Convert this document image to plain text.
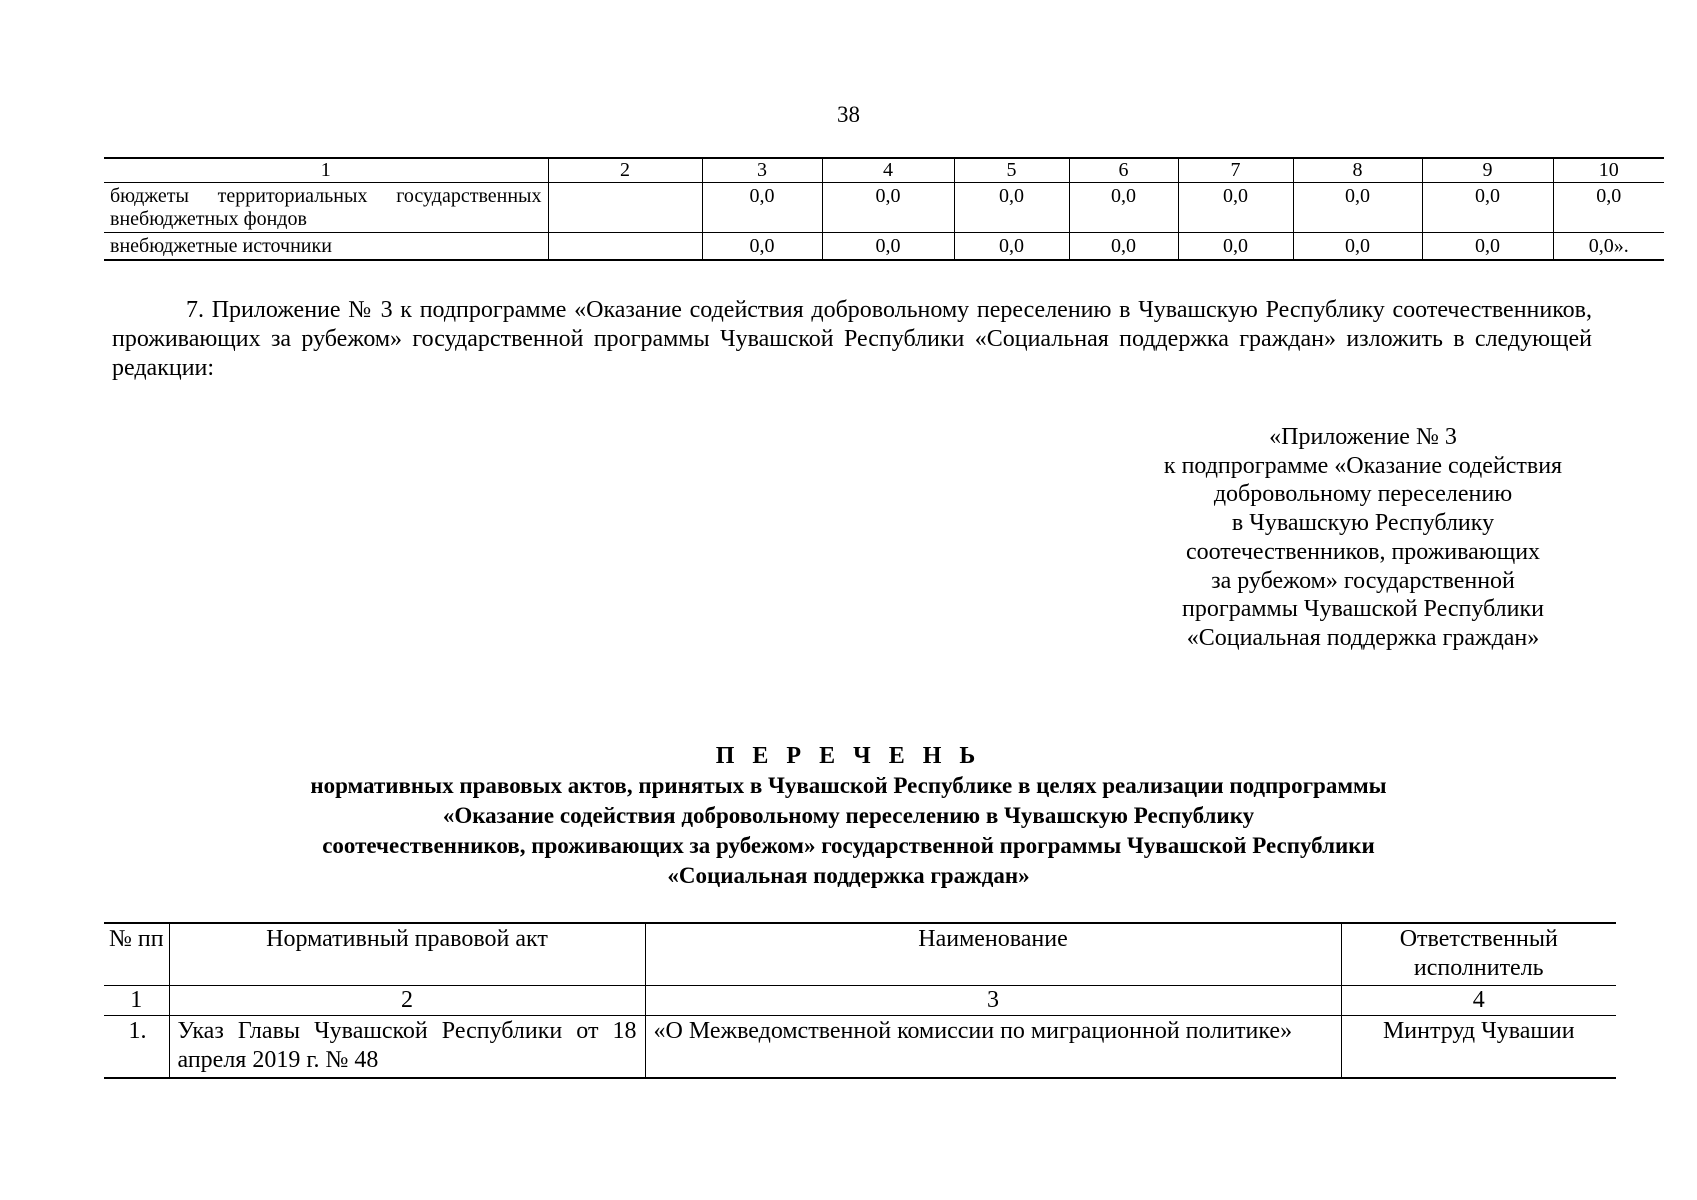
38
1	2	3	4	5	6	7	8	9	10
бюджеты территориальных государственных внебюджетных фондов		0,0	0,0	0,0	0,0	0,0	0,0	0,0	0,0
внебюджетные источники		0,0	0,0	0,0	0,0	0,0	0,0	0,0	0,0».

7. Приложение № 3 к подпрограмме «Оказание содействия добровольному переселению в Чувашскую Республику соотечественников, проживающих за рубежом» государственной программы Чувашской Республики «Социальная поддержка граждан» изложить в следующей редакции:

«Приложение № 3
к подпрограмме «Оказание содействия
добровольному переселению
в Чувашскую Республику
соотечественников, проживающих
за рубежом» государственной
программы Чувашской Республики
«Социальная поддержка граждан»
П Е Р Е Ч Е Н Ь
нормативных правовых актов, принятых в Чувашской Республике в целях реализации подпрограммы
«Оказание содействия добровольному переселению в Чувашскую Республику
соотечественников, проживающих за рубежом» государственной программы Чувашской Республики
«Социальная поддержка граждан»
№ пп	Нормативный правовой акт	Наименование	Ответственный исполнитель
1	2	3	4
1.	Указ Главы Чувашской Республики от 18 апреля 2019 г. № 48	«О Межведомственной комиссии по миграционной политике»	Минтруд Чувашии
